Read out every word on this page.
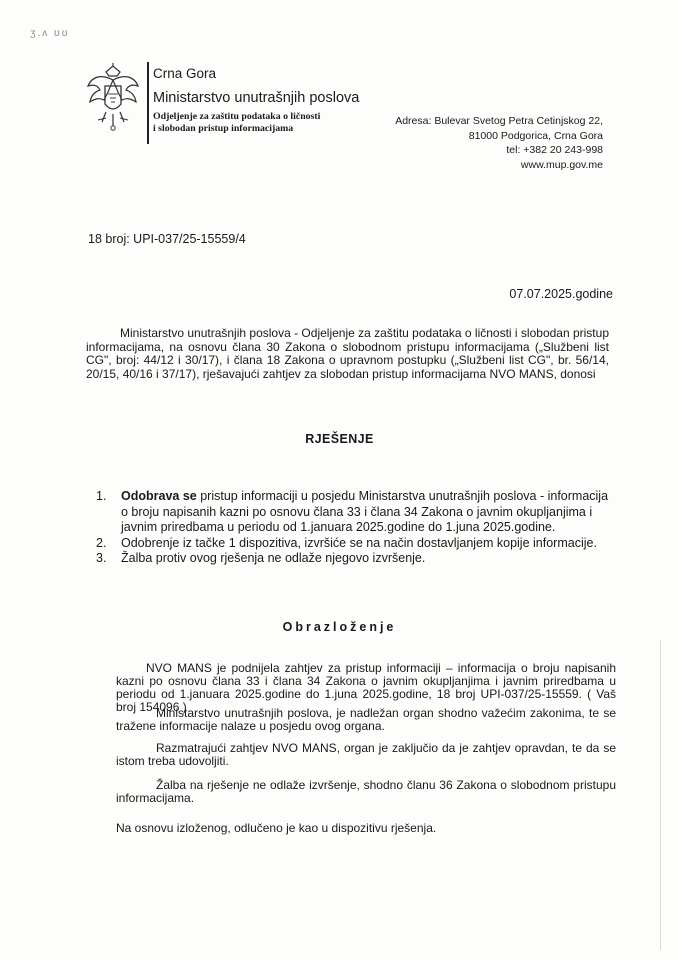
ʒ.ʌ ʊʊ
Crna Gora
Ministarstvo unutrašnjih poslova
Odjeljenje za zaštitu podataka o ličnosti
i slobodan pristup informacijama
Adresa: Bulevar Svetog Petra Cetinjskog 22,
81000 Podgorica, Crna Gora
tel: +382 20 243-998
www.mup.gov.me
18 broj: UPI-037/25-15559/4
07.07.2025.godine
Ministarstvo unutrašnjih poslova - Odjeljenje za zaštitu podataka o ličnosti i slobodan pristup informacijama, na osnovu člana 30 Zakona o slobodnom pristupu informacijama („Službeni list CG", broj: 44/12 i 30/17), i člana 18 Zakona o upravnom postupku („Službeni list CG", br. 56/14, 20/15, 40/16 i 37/17), rješavajući zahtjev za slobodan pristup informacijama NVO MANS, donosi
RJEŠENJE
1. Odobrava se pristup informaciji u posjedu Ministarstva unutrašnjih poslova - informacija o broju napisanih kazni po osnovu člana 33 i člana 34 Zakona o javnim okupljanjima i javnim priredbama u periodu od 1.januara 2025.godine do 1.juna 2025.godine.
2. Odobrenje iz tačke 1 dispozitiva, izvršiće se na način dostavljanjem kopije informacije.
3. Žalba protiv ovog rješenja ne odlaže njegovo izvršenje.
Obrazloženje
NVO MANS je podnijela zahtjev za pristup informaciji – informacija o broju napisanih kazni po osnovu člana 33 i člana 34 Zakona o javnim okupljanjima i javnim priredbama u periodu od 1.januara 2025.godine do 1.juna 2025.godine, 18 broj UPI-037/25-15559. ( Vaš broj 154096 )
Ministarstvo unutrašnjih poslova, je nadležan organ shodno važećim zakonima, te se tražene informacije nalaze u posjedu ovog organa.
Razmatrajući zahtjev NVO MANS, organ je zaključio da je zahtjev opravdan, te da se istom treba udovoljiti.
Žalba na rješenje ne odlaže izvršenje, shodno članu 36 Zakona o slobodnom pristupu informacijama.
Na osnovu izloženog, odlučeno je kao u dispozitivu rješenja.
